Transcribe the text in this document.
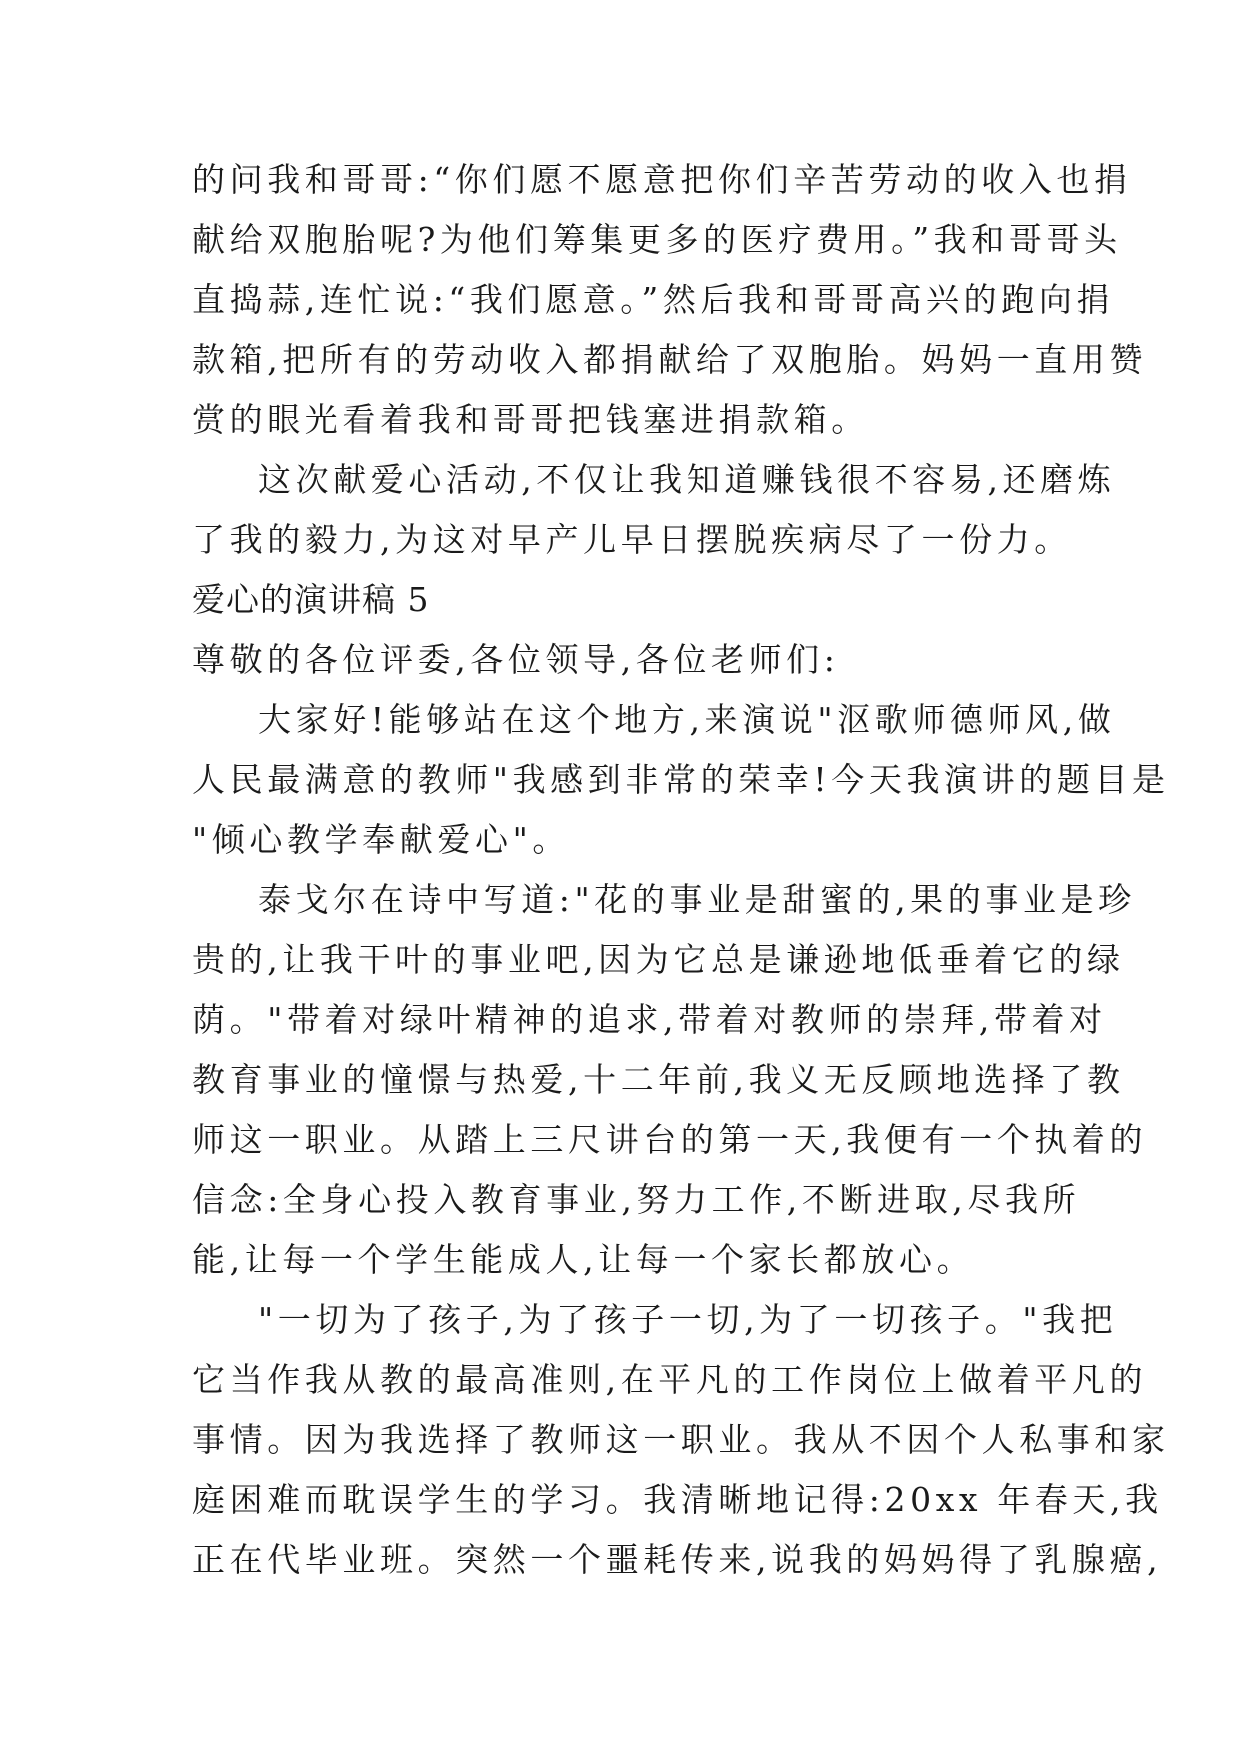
的问我和哥哥:“你们愿不愿意把你们辛苦劳动的收入也捐
献给双胞胎呢?为他们筹集更多的医疗费用。”我和哥哥头
直捣蒜,连忙说:“我们愿意。”然后我和哥哥高兴的跑向捐
款箱,把所有的劳动收入都捐献给了双胞胎。妈妈一直用赞
赏的眼光看着我和哥哥把钱塞进捐款箱。
这次献爱心活动,不仅让我知道赚钱很不容易,还磨炼
了我的毅力,为这对早产儿早日摆脱疾病尽了一份力。
爱心的演讲稿 5
尊敬的各位评委,各位领导,各位老师们:
大家好!能够站在这个地方,来演说"沤歌师德师风,做
人民最满意的教师"我感到非常的荣幸!今天我演讲的题目是
"倾心教学奉献爱心"。
泰戈尔在诗中写道:"花的事业是甜蜜的,果的事业是珍
贵的,让我干叶的事业吧,因为它总是谦逊地低垂着它的绿
荫。"带着对绿叶精神的追求,带着对教师的崇拜,带着对
教育事业的憧憬与热爱,十二年前,我义无反顾地选择了教
师这一职业。从踏上三尺讲台的第一天,我便有一个执着的
信念:全身心投入教育事业,努力工作,不断进取,尽我所
能,让每一个学生能成人,让每一个家长都放心。
"一切为了孩子,为了孩子一切,为了一切孩子。"我把
它当作我从教的最高准则,在平凡的工作岗位上做着平凡的
事情。因为我选择了教师这一职业。我从不因个人私事和家
庭困难而耽误学生的学习。我清晰地记得:20xx 年春天,我
正在代毕业班。突然一个噩耗传来,说我的妈妈得了乳腺癌,
